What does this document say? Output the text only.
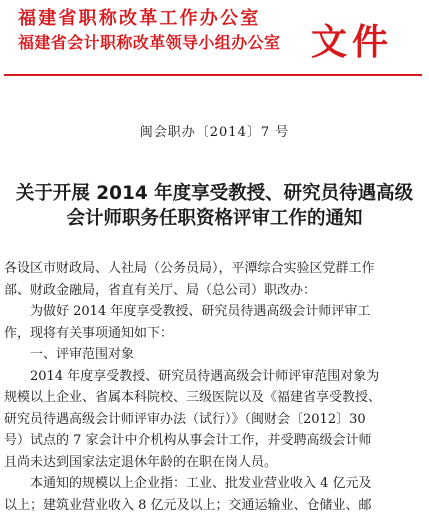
福建省职称改革工作办公室
福建省会计职称改革领导小组办公室 文件
闽会职办〔2014〕7 号
关于开展 2014 年度享受教授、研究员待遇高级
会计师职务任职资格评审工作的通知
各设区市财政局、人社局（公务员局），平潭综合实验区党群工作
部、财政金融局，省直有关厅、局（总公司）职改办：
为做好 2014 年度享受教授、研究员待遇高级会计师评审工
作，现将有关事项通知如下：
一、评审范围对象
2014 年度享受教授、研究员待遇高级会计师评审范围对象为
规模以上企业、省属本科院校、三级医院以及《福建省享受教授、
研究员待遇高级会计师评审办法（试行）》（闽财会〔2012〕30
号）试点的 7 家会计中介机构从事会计工作，并受聘高级会计师
且尚未达到国家法定退休年龄的在职在岗人员。
本通知的规模以上企业指：工业、批发业营业收入 4 亿元及
以上；建筑业营业收入 8 亿元及以上；交通运输业、仓储业、邮
